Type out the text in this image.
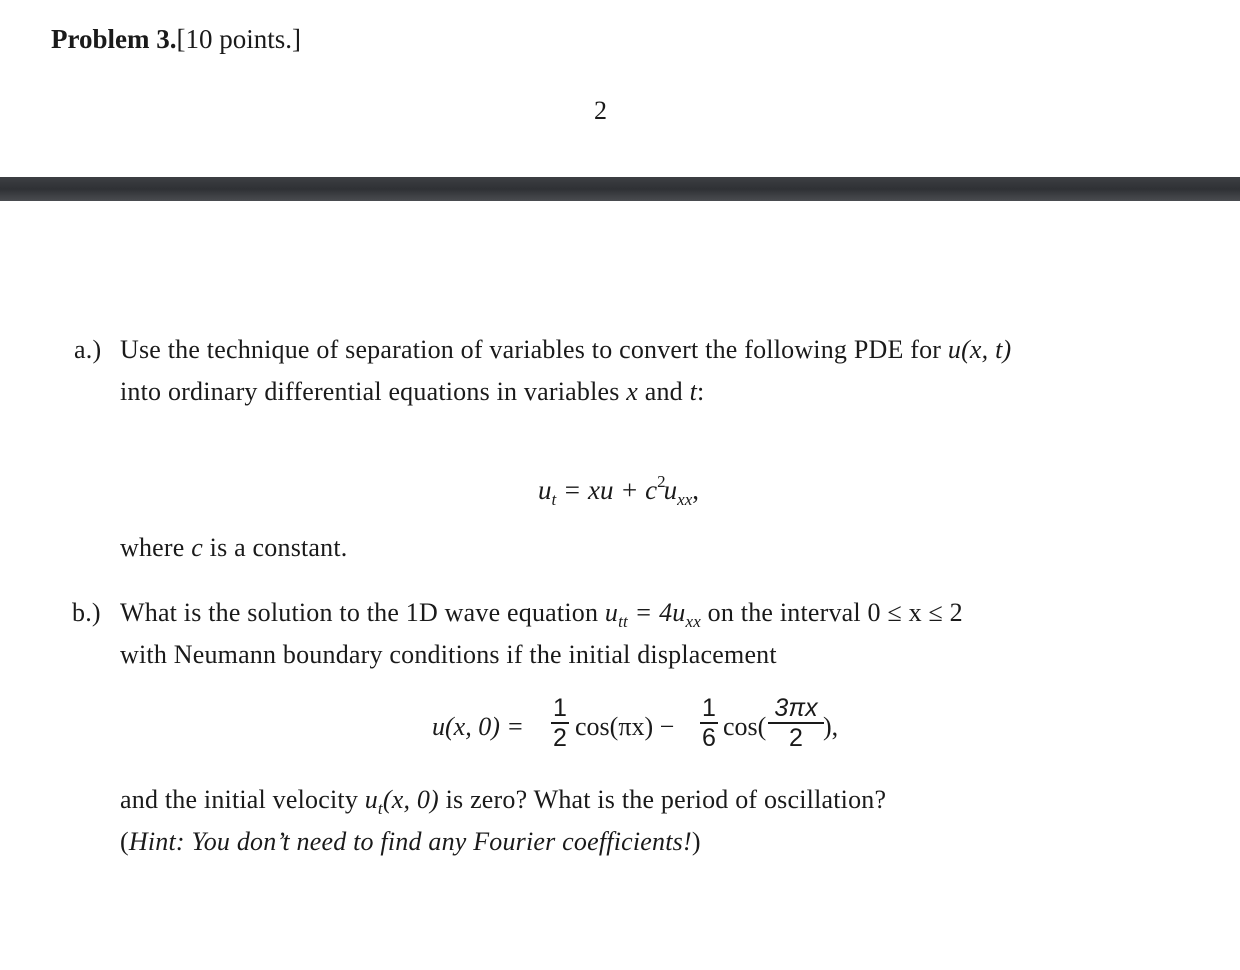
Problem 3.[10 points.]
2
a.) Use the technique of separation of variables to convert the following PDE for u(x, t)
into ordinary differential equations in variables x and t:
$u_t$ = xu + $c^2u_{xx}$,
where c is a constant.
b.) What is the solution to the 1D wave equation $u_{tt} = 4u_{xx}$ on the interval 0 ≤ x ≤ 2
with Neumann boundary conditions if the initial displacement
u(x, 0) =
1
2 cos(πx) −
1
6 cos(
3πx
2 ),
and the initial velocity $u_t(x$, 0) is zero? What is the period of oscillation?
(Hint: You don’t need to find any Fourier coefficients!)
